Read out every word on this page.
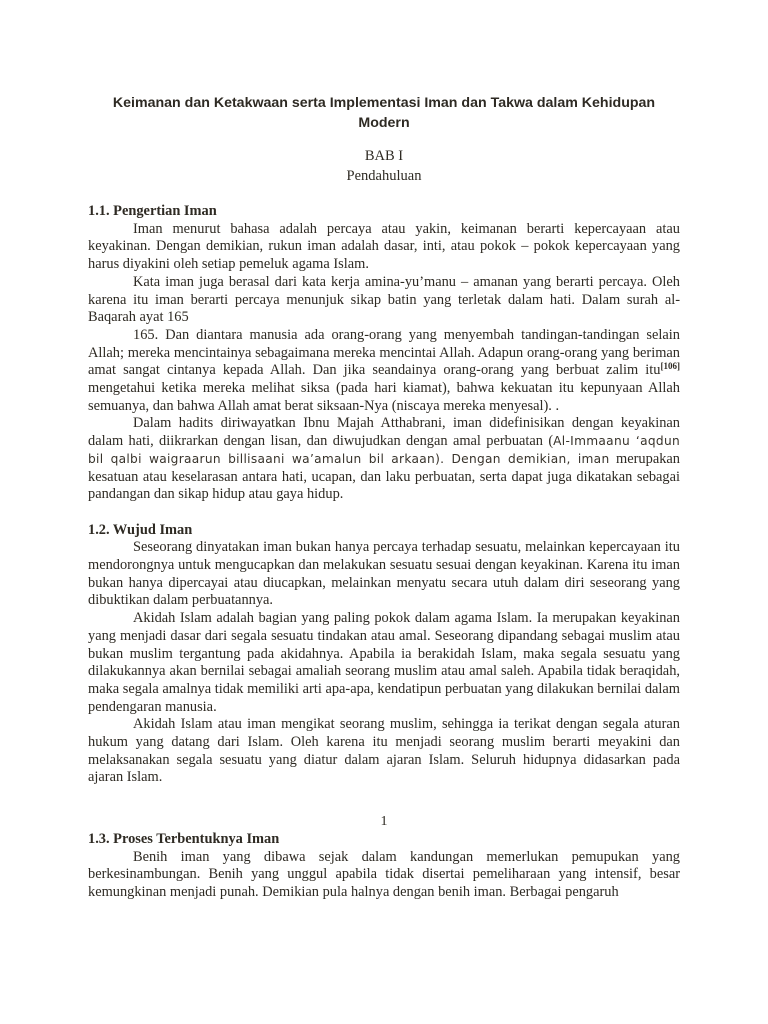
Keimanan dan Ketakwaan serta Implementasi Iman dan Takwa dalam Kehidupan Modern
BAB I
Pendahuluan

1.1. Pengertian Iman

Iman menurut bahasa adalah percaya atau yakin, keimanan berarti kepercayaan atau keyakinan. Dengan demikian, rukun iman adalah dasar, inti, atau pokok – pokok kepercayaan yang harus diyakini oleh setiap pemeluk agama Islam.

Kata iman juga berasal dari kata kerja amina-yu’manu – amanan yang berarti percaya. Oleh karena itu iman berarti percaya menunjuk sikap batin yang terletak dalam hati. Dalam surah al-Baqarah ayat 165

165. Dan diantara manusia ada orang-orang yang menyembah tandingan-tandingan selain Allah; mereka mencintainya sebagaimana mereka mencintai Allah. Adapun orang-orang yang beriman amat sangat cintanya kepada Allah. Dan jika seandainya orang-orang yang berbuat zalim itu[106] mengetahui ketika mereka melihat siksa (pada hari kiamat), bahwa kekuatan itu kepunyaan Allah semuanya, dan bahwa Allah amat berat siksaan-Nya (niscaya mereka menyesal). .

Dalam hadits diriwayatkan Ibnu Majah Atthabrani, iman didefinisikan dengan keyakinan dalam hati, diikrarkan dengan lisan, dan diwujudkan dengan amal perbuatan (Al-Immaanu ‘aqdun bil qalbi waigraarun billisaani wa’amalun bil arkaan). Dengan demikian, iman merupakan kesatuan atau keselarasan antara hati, ucapan, dan laku perbuatan, serta dapat juga dikatakan sebagai pandangan dan sikap hidup atau gaya hidup.

1.2. Wujud Iman

Seseorang dinyatakan iman bukan hanya percaya terhadap sesuatu, melainkan kepercayaan itu mendorongnya untuk mengucapkan dan melakukan sesuatu sesuai dengan keyakinan. Karena itu iman bukan hanya dipercayai atau diucapkan, melainkan menyatu secara utuh dalam diri seseorang yang dibuktikan dalam perbuatannya.

Akidah Islam adalah bagian yang paling pokok dalam agama Islam. Ia merupakan keyakinan yang menjadi dasar dari segala sesuatu tindakan atau amal. Seseorang dipandang sebagai muslim atau bukan muslim tergantung pada akidahnya. Apabila ia berakidah Islam, maka segala sesuatu yang dilakukannya akan bernilai sebagai amaliah seorang muslim atau amal saleh. Apabila tidak beraqidah, maka segala amalnya tidak memiliki arti apa-apa, kendatipun perbuatan yang dilakukan bernilai dalam pendengaran manusia.

Akidah Islam atau iman mengikat seorang muslim, sehingga ia terikat dengan segala aturan hukum yang datang dari Islam. Oleh karena itu menjadi seorang muslim berarti meyakini dan melaksanakan segala sesuatu yang diatur dalam ajaran Islam. Seluruh hidupnya didasarkan pada ajaran Islam.

1

1.3. Proses Terbentuknya Iman

Benih iman yang dibawa sejak dalam kandungan memerlukan pemupukan yang berkesinambungan. Benih yang unggul apabila tidak disertai pemeliharaan yang intensif, besar kemungkinan menjadi punah. Demikian pula halnya dengan benih iman. Berbagai pengaruh
